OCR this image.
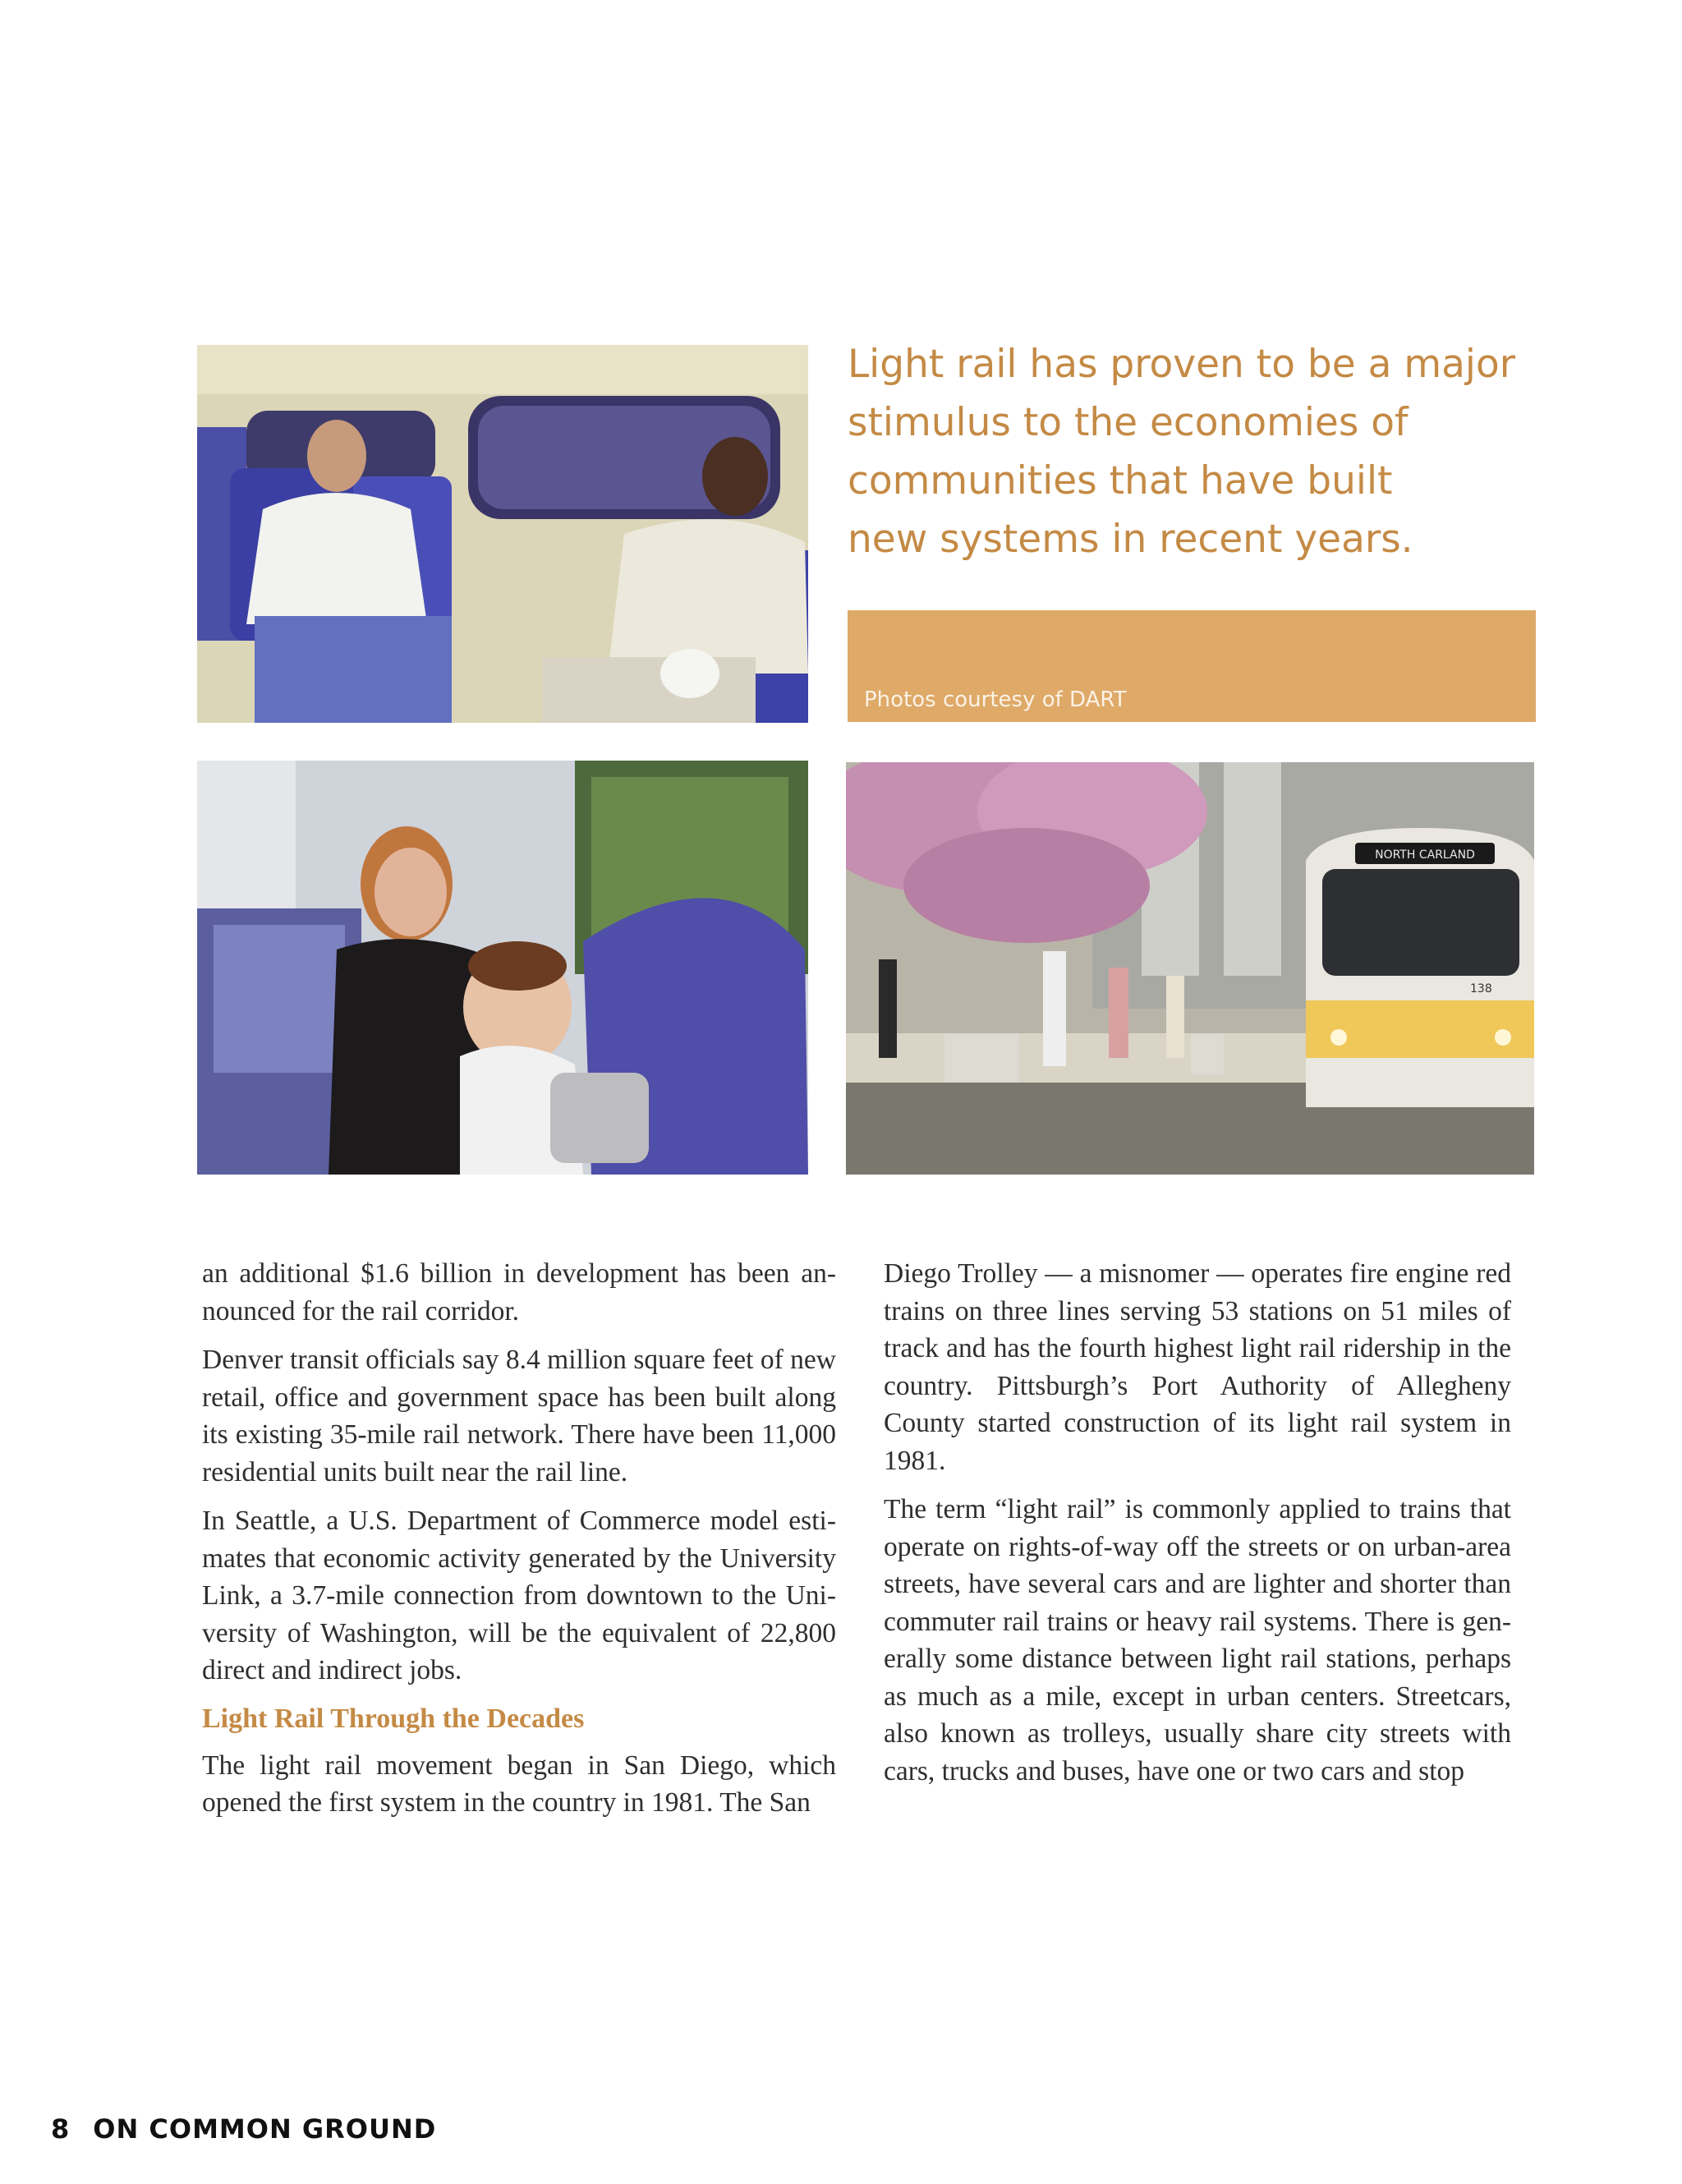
Light rail has proven to be a major
stimulus to the economies of
communities that have built
new systems in recent years.
Photos courtesy of DART
NORTH CARLAND
138

an additional $1.6 billion in development has been announced for the rail corridor.

Denver transit officials say 8.4 million square feet of new retail, office and government space has been built along its existing 35-mile rail network. There have been 11,000 residential units built near the rail line.

In Seattle, a U.S. Department of Commerce model estimates that economic activity generated by the University Link, a 3.7-mile connection from downtown to the University of Washington, will be the equivalent of 22,800 direct and indirect jobs.

Light Rail Through the Decades

The light rail movement began in San Diego, which opened the first system in the country in 1981. The San

Diego Trolley — a misnomer — operates fire engine red trains on three lines serving 53 stations on 51 miles of track and has the fourth highest light rail ridership in the country. Pittsburgh’s Port Authority of Allegheny County started construction of its light rail system in 1981.

The term “light rail” is commonly applied to trains that operate on rights-of-way off the streets or on urban-area streets, have several cars and are lighter and shorter than commuter rail trains or heavy rail systems. There is generally some distance between light rail stations, perhaps as much as a mile, except in urban centers. Streetcars, also known as trolleys, usually share city streets with cars, trucks and buses, have one or two cars and stop

8 ON COMMON GROUND
